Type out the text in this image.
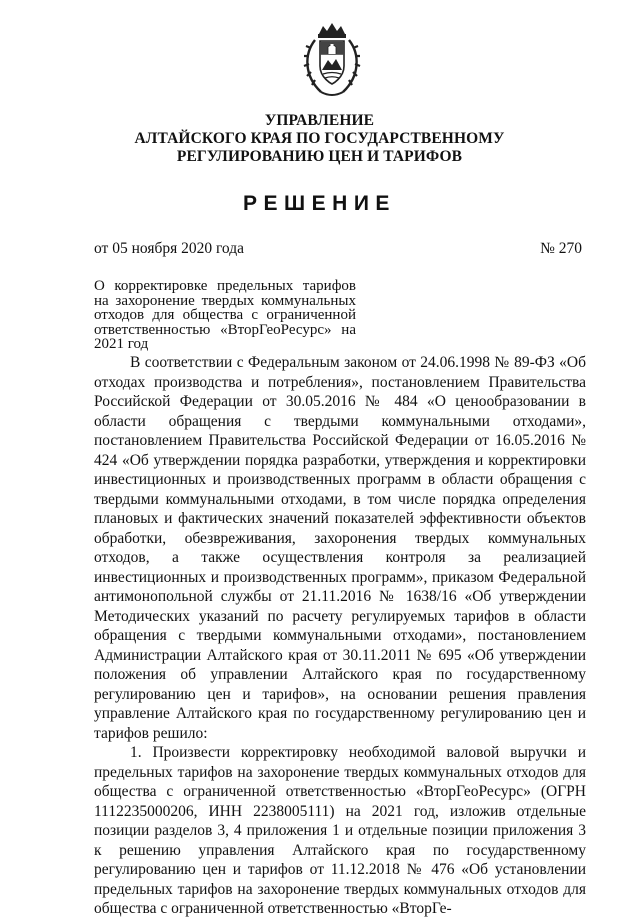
УПРАВЛЕНИЕ
АЛТАЙСКОГО КРАЯ ПО ГОСУДАРСТВЕННОМУ
РЕГУЛИРОВАНИЮ ЦЕН И ТАРИФОВ
РЕШЕНИЕ
от 05 ноября 2020 года	№ 270
О корректировке предельных тарифов на захоронение твердых коммунальных отходов для общества с ограниченной ответственностью «ВторГеоРесурс» на 2021 год

В соответствии с Федеральным законом от 24.06.1998 № 89-ФЗ «Об отходах производства и потребления», постановлением Правительства Российской Федерации от 30.05.2016 № 484 «О ценообразовании в области обращения с твердыми коммунальными отходами», постановлением Правительства Российской Федерации от 16.05.2016 № 424 «Об утверждении порядка разработки, утверждения и корректировки инвестиционных и производственных программ в области обращения с твердыми коммунальными отходами, в том числе порядка определения плановых и фактических значений показателей эффективности объектов обработки, обезвреживания, захоронения твердых коммунальных отходов, а также осуществления контроля за реализацией инвестиционных и производственных программ», приказом Федеральной антимонопольной службы от 21.11.2016 № 1638/16 «Об утверждении Методических указаний по расчету регулируемых тарифов в области обращения с твердыми коммунальными отходами», постановлением Администрации Алтайского края от 30.11.2011 № 695 «Об утверждении положения об управлении Алтайского края по государственному регулированию цен и тарифов», на основании решения правления управление Алтайского края по государственному регулированию цен и тарифов решило:

1. Произвести корректировку необходимой валовой выручки и предельных тарифов на захоронение твердых коммунальных отходов для общества с ограниченной ответственностью «ВторГеоРесурс» (ОГРН 1112235000206, ИНН 2238005111) на 2021 год, изложив отдельные позиции разделов 3, 4 приложения 1 и отдельные позиции приложения 3 к решению управления Алтайского края по государственному регулированию цен и тарифов от 11.12.2018 № 476 «Об установлении предельных тарифов на захоронение твердых коммунальных отходов для общества с ограниченной ответственностью «ВторГе-
